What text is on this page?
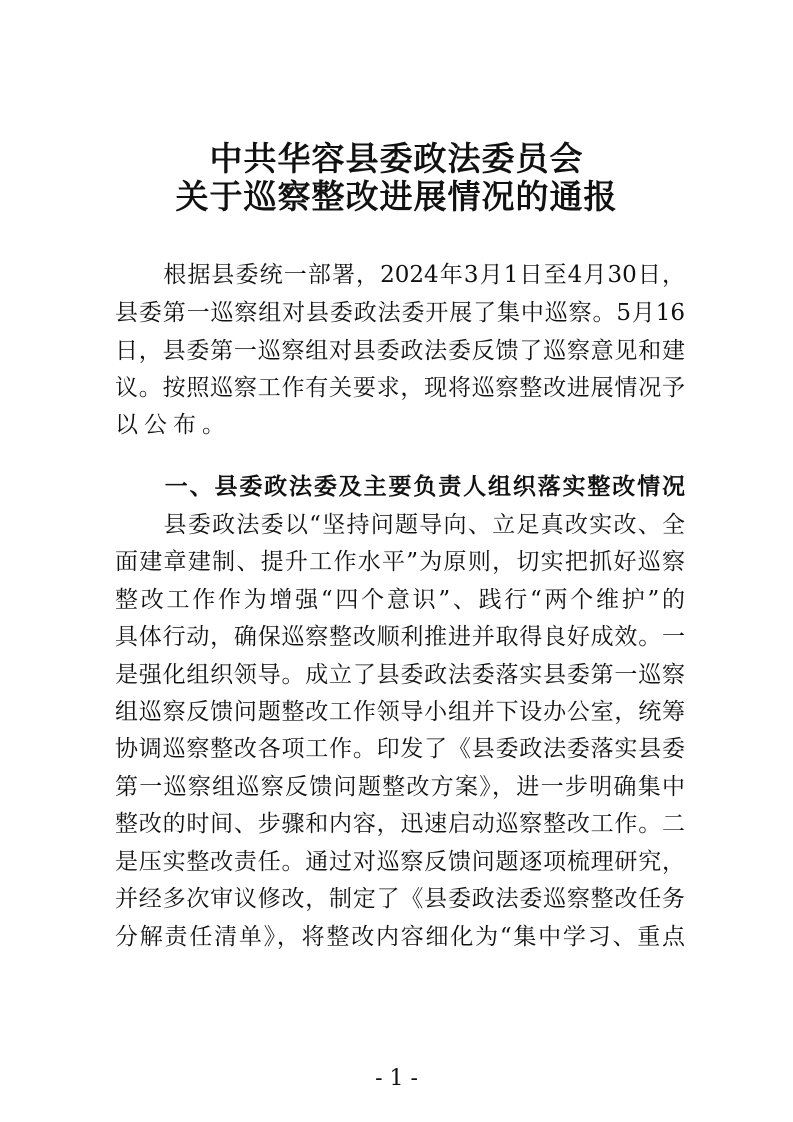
中共华容县委政法委员会
关于巡察整改进展情况的通报
　　根据县委统一部署，2024年3月1日至4月30日，
县委第一巡察组对县委政法委开展了集中巡察。5月16
日，县委第一巡察组对县委政法委反馈了巡察意见和建
议。按照巡察工作有关要求，现将巡察整改进展情况予
以公布。
　　一、县委政法委及主要负责人组织落实整改情况
　　县委政法委以“坚持问题导向、立足真改实改、全
面建章建制、提升工作水平”为原则，切实把抓好巡察
整改工作作为增强“四个意识”、践行“两个维护”的
具体行动，确保巡察整改顺利推进并取得良好成效。一
是强化组织领导。成立了县委政法委落实县委第一巡察
组巡察反馈问题整改工作领导小组并下设办公室，统筹
协调巡察整改各项工作。印发了《县委政法委落实县委
第一巡察组巡察反馈问题整改方案》，进一步明确集中
整改的时间、步骤和内容，迅速启动巡察整改工作。二
是压实整改责任。通过对巡察反馈问题逐项梳理研究，
并经多次审议修改，制定了《县委政法委巡察整改任务
分解责任清单》，将整改内容细化为“集中学习、重点
- 1 -
